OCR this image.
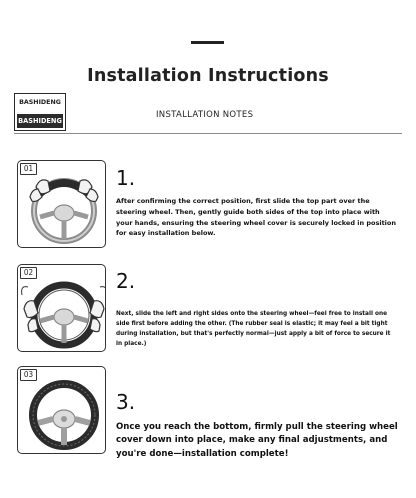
Installation Instructions
BASHIDENG
BASHIDENG
INSTALLATION NOTES
01	1.
After confirming the correct position, first slide the top part over the steering wheel. Then, gently guide both sides of the top into place with your hands, ensuring the steering wheel cover is securely locked in position for easy installation below.
02	2.
Next, slide the left and right sides onto the steering wheel—feel free to install one side first before adding the other. (The rubber seal is elastic; it may feel a bit tight during installation, but that's perfectly normal—just apply a bit of force to secure it in place.)
03
3.
Once you reach the bottom, firmly pull the steering wheel cover down into place, make any final adjustments, and you're done—installation complete!
